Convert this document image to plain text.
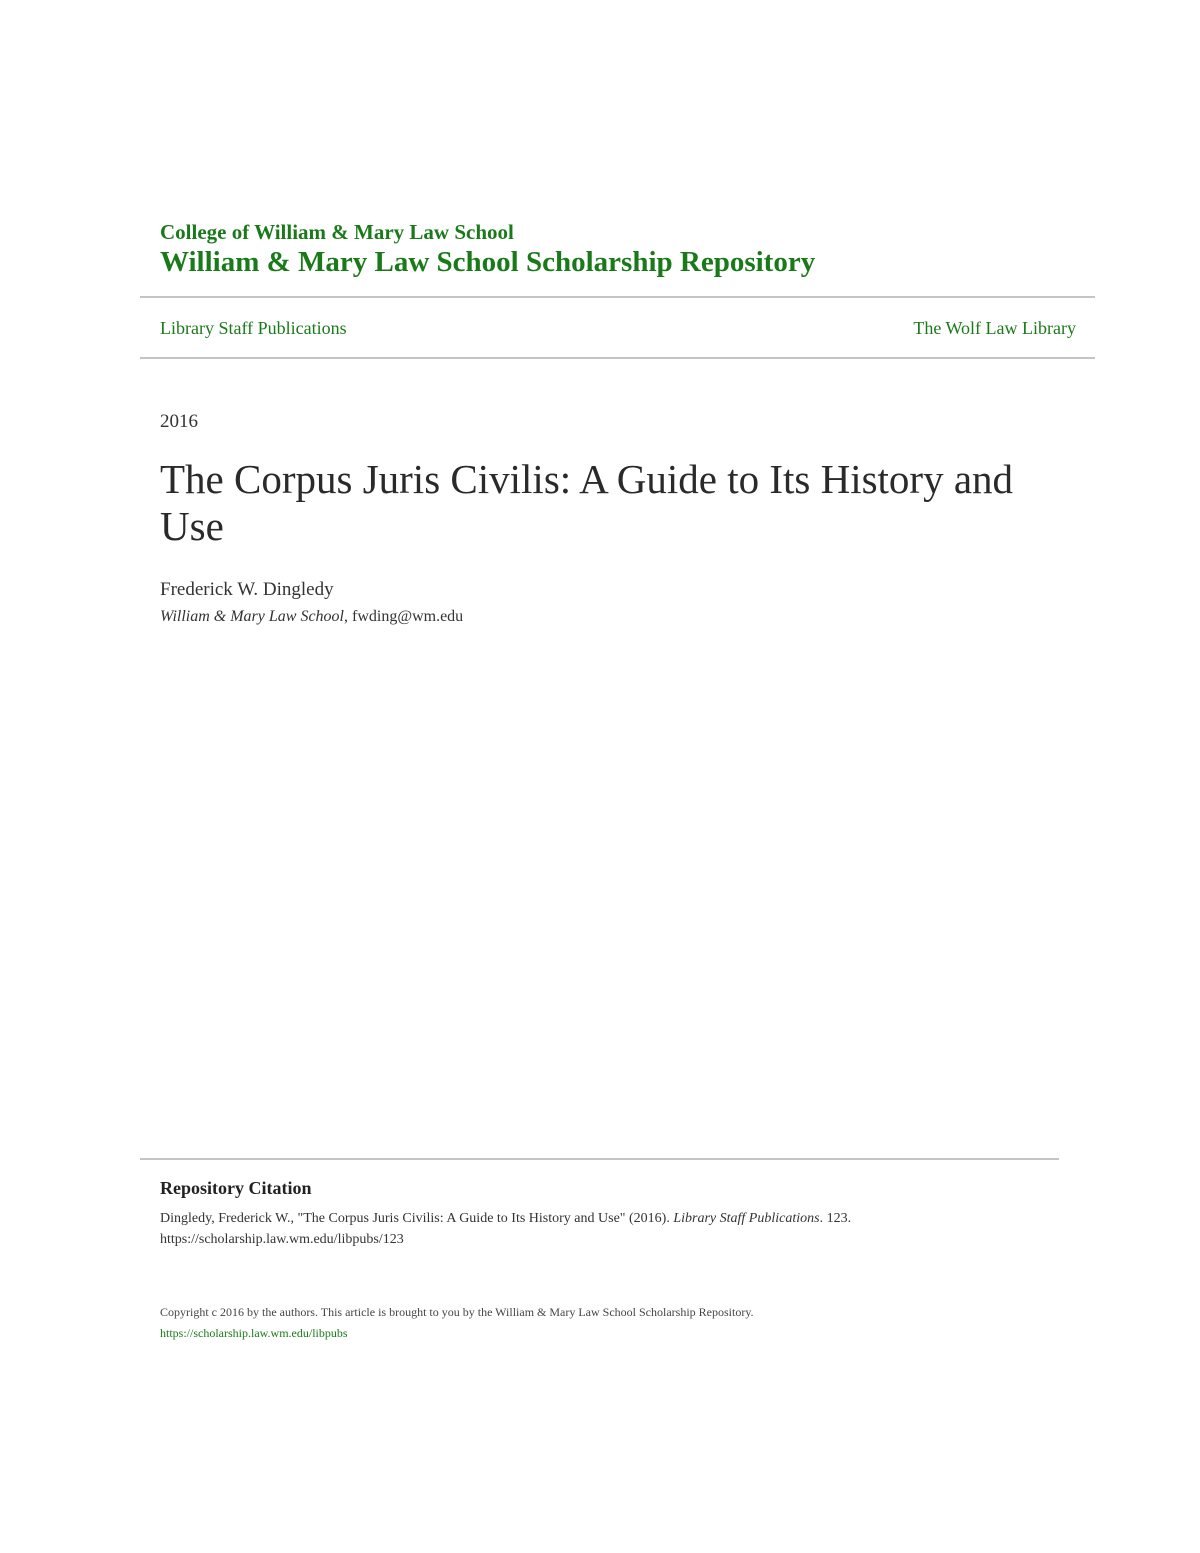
College of William & Mary Law School
William & Mary Law School Scholarship Repository
Library Staff Publications	The Wolf Law Library
2016
The Corpus Juris Civilis: A Guide to Its History and Use
Frederick W. Dingledy
William & Mary Law School, fwding@wm.edu
Repository Citation
Dingledy, Frederick W., "The Corpus Juris Civilis: A Guide to Its History and Use" (2016). Library Staff Publications. 123.
https://scholarship.law.wm.edu/libpubs/123
Copyright c 2016 by the authors. This article is brought to you by the William & Mary Law School Scholarship Repository.
https://scholarship.law.wm.edu/libpubs
